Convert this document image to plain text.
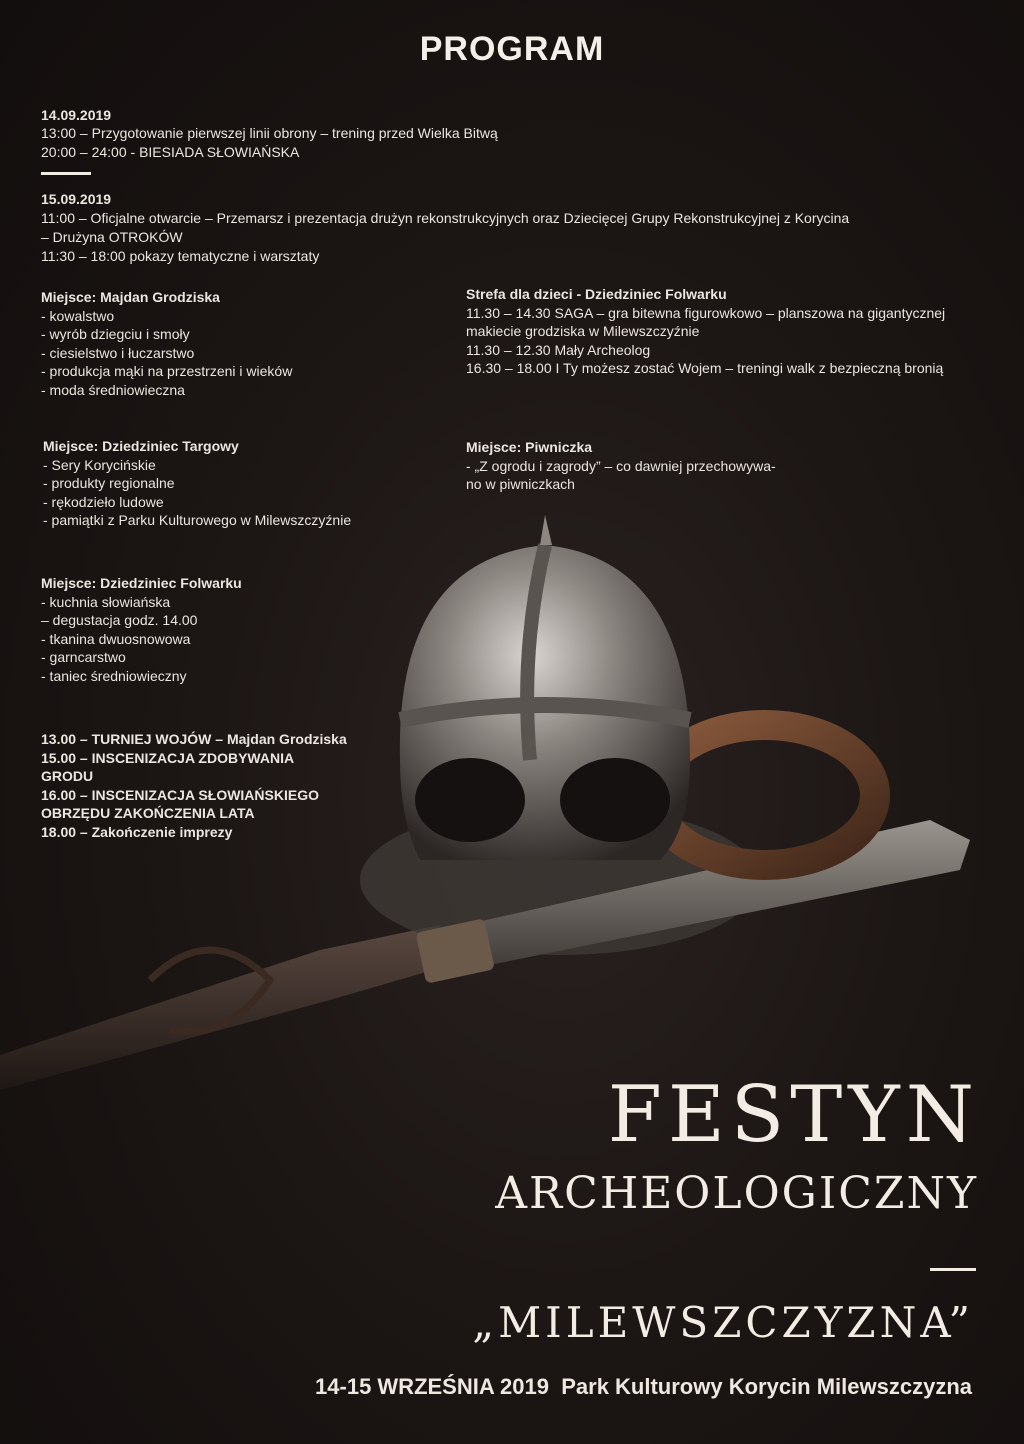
PROGRAM
14.09.2019
13:00 – Przygotowanie pierwszej linii obrony – trening przed Wielka Bitwą
20:00 – 24:00 - BIESIADA SŁOWIAŃSKA
15.09.2019
11:00 – Oficjalne otwarcie – Przemarsz i prezentacja drużyn rekonstrukcyjnych oraz Dziecięcej Grupy Rekonstrukcyjnej z Korycina
– Drużyna OTROKÓW
11:30 – 18:00 pokazy tematyczne i warsztaty
Miejsce: Majdan Grodziska
- kowalstwo
- wyrób dziegciu i smoły
- ciesielstwo i łuczarstwo
- produkcja mąki na przestrzeni i wieków
- moda średniowieczna
Strefa dla dzieci - Dziedziniec Folwarku
11.30 – 14.30 SAGA – gra bitewna figurowkowo – planszowa na gigantycznej
makiecie grodziska w Milewszczyźnie
11.30 – 12.30 Mały Archeolog
16.30 – 18.00 I Ty możesz zostać Wojem – treningi walk z bezpieczną bronią
Miejsce: Dziedziniec Targowy
- Sery Korycińskie
- produkty regionalne
- rękodzieło ludowe
- pamiątki z Parku Kulturowego w Milewszczyźnie
Miejsce: Piwniczka
- „Z ogrodu i zagrody” – co dawniej przechowywa-
no w piwniczkach
Miejsce: Dziedziniec Folwarku
- kuchnia słowiańska
– degustacja godz. 14.00
- tkanina dwuosnowowa
- garncarstwo
- taniec średniowieczny
13.00 – TURNIEJ WOJÓW – Majdan Grodziska
15.00 – INSCENIZACJA ZDOBYWANIA
GRODU
16.00 – INSCENIZACJA SŁOWIAŃSKIEGO
OBRZĘDU ZAKOŃCZENIA LATA
18.00 – Zakończenie imprezy
FESTYN
ARCHEOLOGICZNY
„MILEWSZCZYZNA”
14-15 WRZEŚNIA 2019 Park Kulturowy Korycin Milewszczyzna
